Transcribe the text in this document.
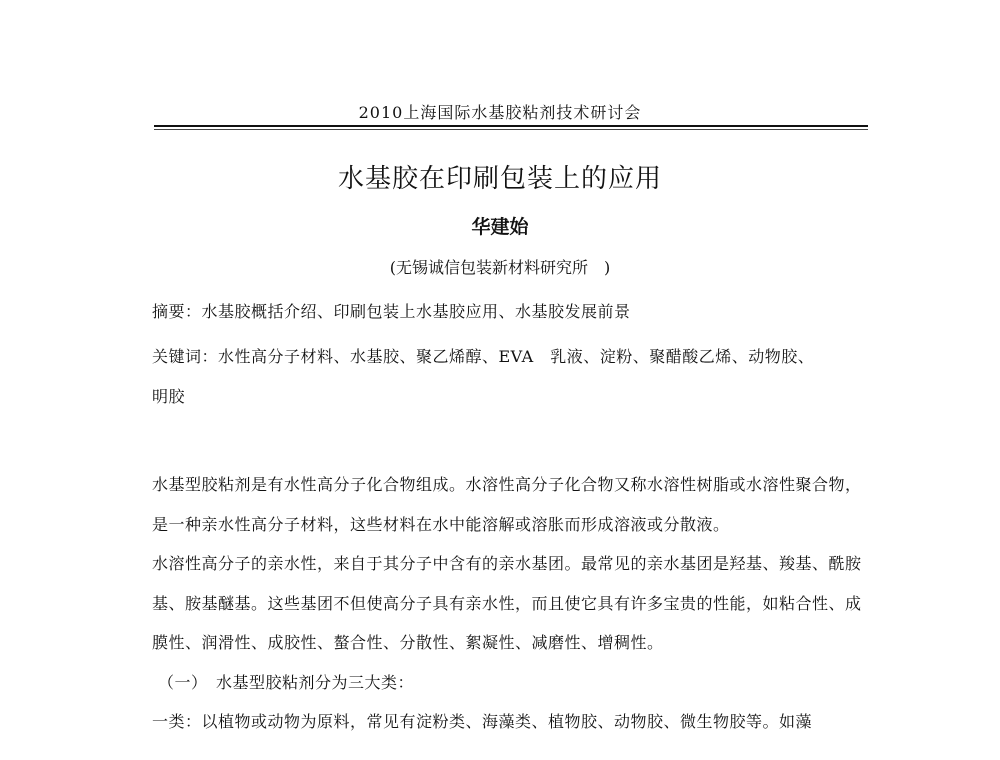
2010上海国际水基胶粘剂技术研讨会
水基胶在印刷包装上的应用
华建始
(无锡诚信包装新材料研究所　)
摘要：水基胶概括介绍、印刷包装上水基胶应用、水基胶发展前景
关键词：水性高分子材料、水基胶、聚乙烯醇、EVA　乳液、淀粉、聚醋酸乙烯、动物胶、
明胶

水基型胶粘剂是有水性高分子化合物组成。水溶性高分子化合物又称水溶性树脂或水溶性聚合物，是一种亲水性高分子材料，这些材料在水中能溶解或溶胀而形成溶液或分散液。

水溶性高分子的亲水性，来自于其分子中含有的亲水基团。最常见的亲水基团是羟基、羧基、酰胺基、胺基醚基。这些基团不但使高分子具有亲水性，而且使它具有许多宝贵的性能，如粘合性、成膜性、润滑性、成胶性、螯合性、分散性、絮凝性、减磨性、增稠性。

（一）　水基型胶粘剂分为三大类：

一类：以植物或动物为原料，常见有淀粉类、海藻类、植物胶、动物胶、微生物胶等。如藻
